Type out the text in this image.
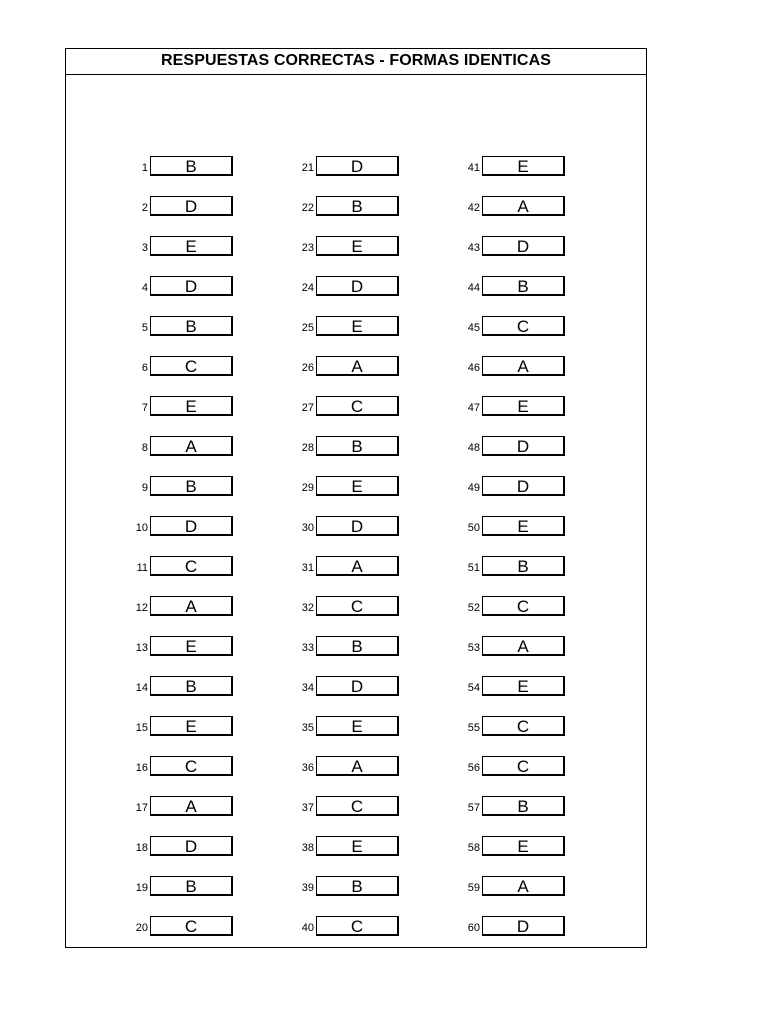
RESPUESTAS CORRECTAS - FORMAS IDENTICAS
1	B
2	D
3	E
4	D
5	B
6	C
7	E
8	A
9	B
10	D
11	C
12	A
13	E
14	B
15	E
16	C
17	A
18	D
19	B
20	C
21	D
22	B
23	E
24	D
25	E
26	A
27	C
28	B
29	E
30	D
31	A
32	C
33	B
34	D
35	E
36	A
37	C
38	E
39	B
40	C
41	E
42	A
43	D
44	B
45	C
46	A
47	E
48	D
49	D
50	E
51	B
52	C
53	A
54	E
55	C
56	C
57	B
58	E
59	A
60	D
